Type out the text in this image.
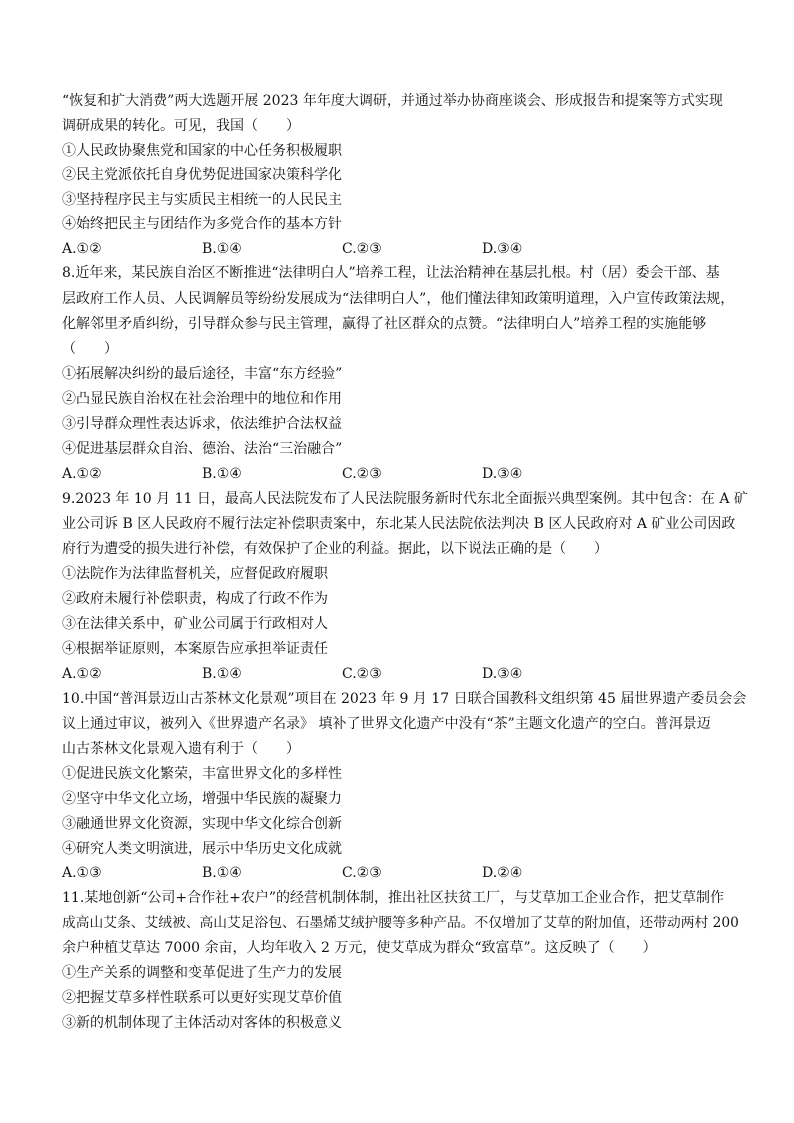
“恢复和扩大消费”两大选题开展 2023 年年度大调研，并通过举办协商座谈会、形成报告和提案等方式实现
调研成果的转化。可见，我国（　　）
①人民政协聚焦党和国家的中心任务积极履职
②民主党派依托自身优势促进国家决策科学化
③坚持程序民主与实质民主相统一的人民民主
④始终把民主与团结作为多党合作的基本方针
A.①②	B.①④	C.②③	D.③④
8.近年来，某民族自治区不断推进“法律明白人”培养工程，让法治精神在基层扎根。村（居）委会干部、基
层政府工作人员、人民调解员等纷纷发展成为“法律明白人”，他们懂法律知政策明道理，入户宣传政策法规，
化解邻里矛盾纠纷，引导群众参与民主管理，赢得了社区群众的点赞。“法律明白人”培养工程的实施能够
（　　）
①拓展解决纠纷的最后途径，丰富“东方经验”
②凸显民族自治权在社会治理中的地位和作用
③引导群众理性表达诉求，依法维护合法权益
④促进基层群众自治、德治、法治“三治融合”
A.①②	B.①④	C.②③	D.③④
9.2023 年 10 月 11 日，最高人民法院发布了人民法院服务新时代东北全面振兴典型案例。其中包含：在 A 矿
业公司诉 B 区人民政府不履行法定补偿职责案中，东北某人民法院依法判决 B 区人民政府对 A 矿业公司因政
府行为遭受的损失进行补偿，有效保护了企业的利益。据此，以下说法正确的是（　　）
①法院作为法律监督机关，应督促政府履职
②政府未履行补偿职责，构成了行政不作为
③在法律关系中，矿业公司属于行政相对人
④根据举证原则，本案原告应承担举证责任
A.①②	B.①④	C.②③	D.③④
10.中国“普洱景迈山古茶林文化景观”项目在 2023 年 9 月 17 日联合国教科文组织第 45 届世界遗产委员会会
议上通过审议，被列入《世界遗产名录》 填补了世界文化遗产中没有“茶”主题文化遗产的空白。普洱景迈
山古茶林文化景观入遗有利于（　　）
①促进民族文化繁荣，丰富世界文化的多样性
②坚守中华文化立场，增强中华民族的凝聚力
③融通世界文化资源，实现中华文化综合创新
④研究人类文明演进，展示中华历史文化成就
A.①③	B.①④	C.②③	D.②④
11.某地创新“公司+合作社+农户”的经营机制体制，推出社区扶贫工厂，与艾草加工企业合作，把艾草制作
成高山艾条、艾绒被、高山艾足浴包、石墨烯艾绒护腰等多种产品。不仅增加了艾草的附加值，还带动两村 200
余户种植艾草达 7000 余亩，人均年收入 2 万元，使艾草成为群众“致富草”。这反映了（　　）
①生产关系的调整和变革促进了生产力的发展
②把握艾草多样性联系可以更好实现艾草价值
③新的机制体现了主体活动对客体的积极意义
